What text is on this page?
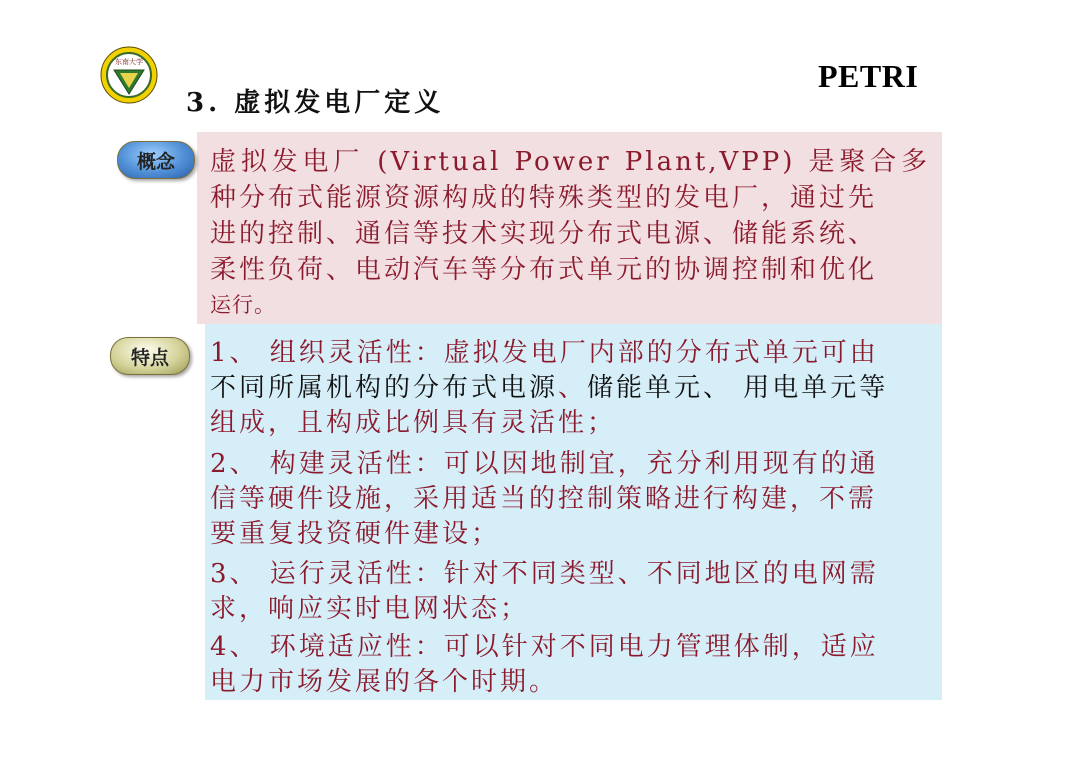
东南大学	PETRI
3. 虚拟发电厂定义
概念	虚拟发电厂 (Virtual Power Plant,VPP) 是聚合多
种分布式能源资源构成的特殊类型的发电厂，通过先
进的控制、通信等技术实现分布式电源、储能系统、
柔性负荷、电动汽车等分布式单元的协调控制和优化
运行。
特点	1、 组织灵活性：虚拟发电厂内部的分布式单元可由
不同所属机构的分布式电源、储能单元、 用电单元等
组成，且构成比例具有灵活性；
2、 构建灵活性：可以因地制宜，充分利用现有的通
信等硬件设施，采用适当的控制策略进行构建，不需
要重复投资硬件建设；
3、 运行灵活性：针对不同类型、不同地区的电网需
求，响应实时电网状态；
4、 环境适应性：可以针对不同电力管理体制，适应
电力市场发展的各个时期。
